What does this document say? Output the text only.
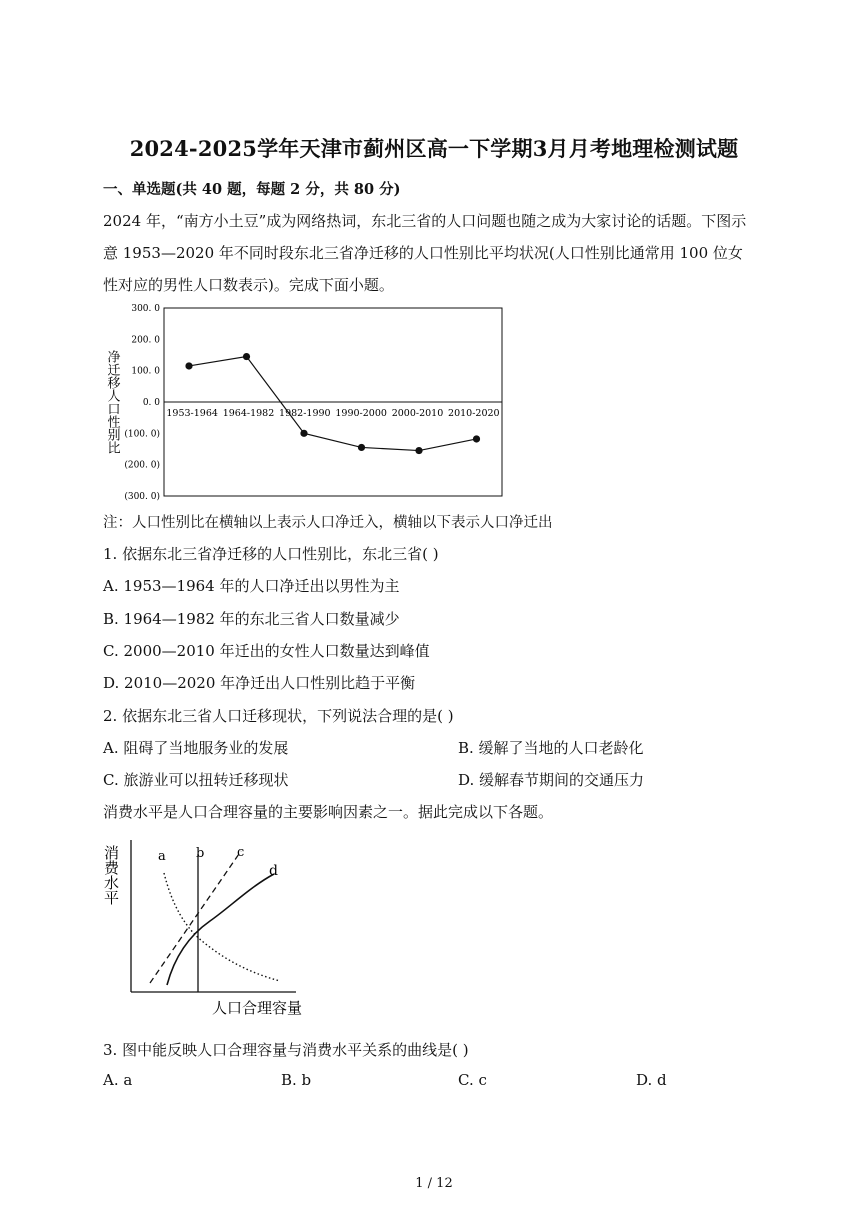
2024-2025学年天津市蓟州区高一下学期3月月考地理检测试题
一、单选题(共 40 题，每题 2 分，共 80 分)
2024 年，“南方小土豆”成为网络热词，东北三省的人口问题也随之成为大家讨论的话题。下图示
意 1953—2020 年不同时段东北三省净迁移的人口性别比平均状况(人口性别比通常用 100 位女
性对应的男性人口数表示)。完成下面小题。
300. 0
200. 0
100. 0
0. 0
(100. 0)
(200. 0)
(300. 0)
净迁移人口性别比	1953-1964 1964-1982 1982-1990 1990-2000 2000-2010 2010-2020
注：人口性别比在横轴以上表示人口净迁入，横轴以下表示人口净迁出
1. 依据东北三省净迁移的人口性别比，东北三省( )
A. 1953—1964 年的人口净迁出以男性为主
B. 1964—1982 年的东北三省人口数量减少
C. 2000—2010 年迁出的女性人口数量达到峰值
D. 2010—2020 年净迁出人口性别比趋于平衡
2. 依据东北三省人口迁移现状，下列说法合理的是( )
A. 阻碍了当地服务业的发展	B. 缓解了当地的人口老龄化
C. 旅游业可以扭转迁移现状	D. 缓解春节期间的交通压力
消费水平是人口合理容量的主要影响因素之一。据此完成以下各题。
消费水平	a b	c
d
人口合理容量
3. 图中能反映人口合理容量与消费水平关系的曲线是( )
A. a	B. b	C. c	D. d
1 / 12
